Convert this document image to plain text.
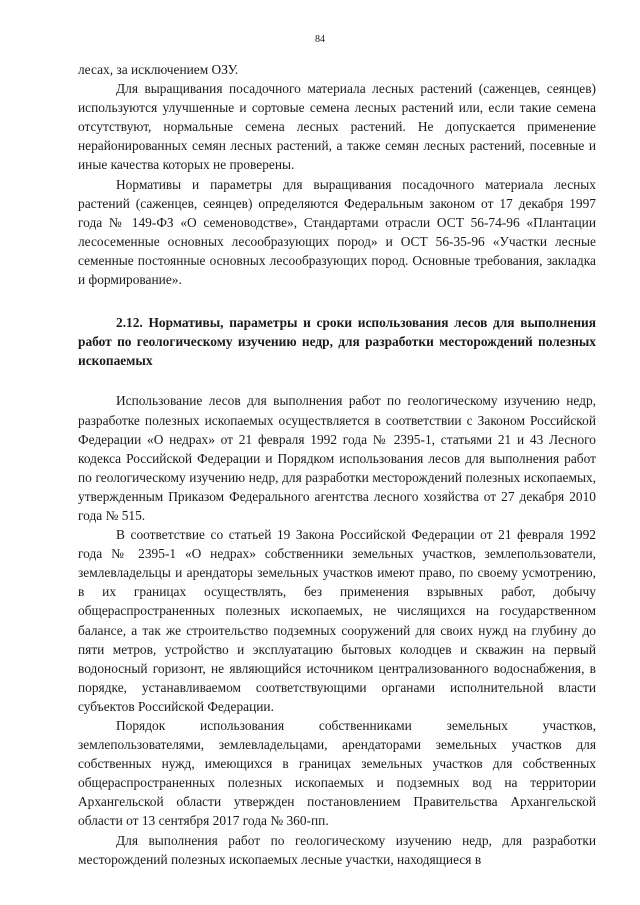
84

лесах, за исключением ОЗУ.

Для выращивания посадочного материала лесных растений (саженцев, сеянцев) используются улучшенные и сортовые семена лесных растений или, если такие семена отсутствуют, нормальные семена лесных растений. Не допускается применение нерайонированных семян лесных растений, а также семян лесных растений, посевные и иные качества которых не проверены.

Нормативы и параметры для выращивания посадочного материала лесных растений (саженцев, сеянцев) определяются Федеральным законом от 17 декабря 1997 года № 149-ФЗ «О семеноводстве», Стандартами отрасли ОСТ 56-74-96 «Плантации лесосеменные основных лесообразующих пород» и ОСТ 56-35-96 «Участки лесные семенные постоянные основных лесообразующих пород. Основные требования, закладка и формирование».

2.12. Нормативы, параметры и сроки использования лесов для выполнения работ по геологическому изучению недр, для разработки месторождений полезных ископаемых

Использование лесов для выполнения работ по геологическому изучению недр, разработке полезных ископаемых осуществляется в соответствии с Законом Российской Федерации «О недрах» от 21 февраля 1992 года № 2395-1, статьями 21 и 43 Лесного кодекса Российской Федерации и Порядком использования лесов для выполнения работ по геологическому изучению недр, для разработки месторождений полезных ископаемых, утвержденным Приказом Федерального агентства лесного хозяйства от 27 декабря 2010 года № 515.

В соответствие со статьей 19 Закона Российской Федерации от 21 февраля 1992 года № 2395-1 «О недрах» собственники земельных участков, землепользователи, землевладельцы и арендаторы земельных участков имеют право, по своему усмотрению, в их границах осуществлять, без применения взрывных работ, добычу общераспространенных полезных ископаемых, не числящихся на государственном балансе, а так же строительство подземных сооружений для своих нужд на глубину до пяти метров, устройство и эксплуатацию бытовых колодцев и скважин на первый водоносный горизонт, не являющийся источником централизованного водоснабжения, в порядке, устанавливаемом соответствующими органами исполнительной власти субъектов Российской Федерации.

Порядок использования собственниками земельных участков, землепользователями, землевладельцами, арендаторами земельных участков для собственных нужд, имеющихся в границах земельных участков для собственных общераспространенных полезных ископаемых и подземных вод на территории Архангельской области утвержден постановлением Правительства Архангельской области от 13 сентября 2017 года № 360-пп.

Для выполнения работ по геологическому изучению недр, для разработки месторождений полезных ископаемых лесные участки, находящиеся в
